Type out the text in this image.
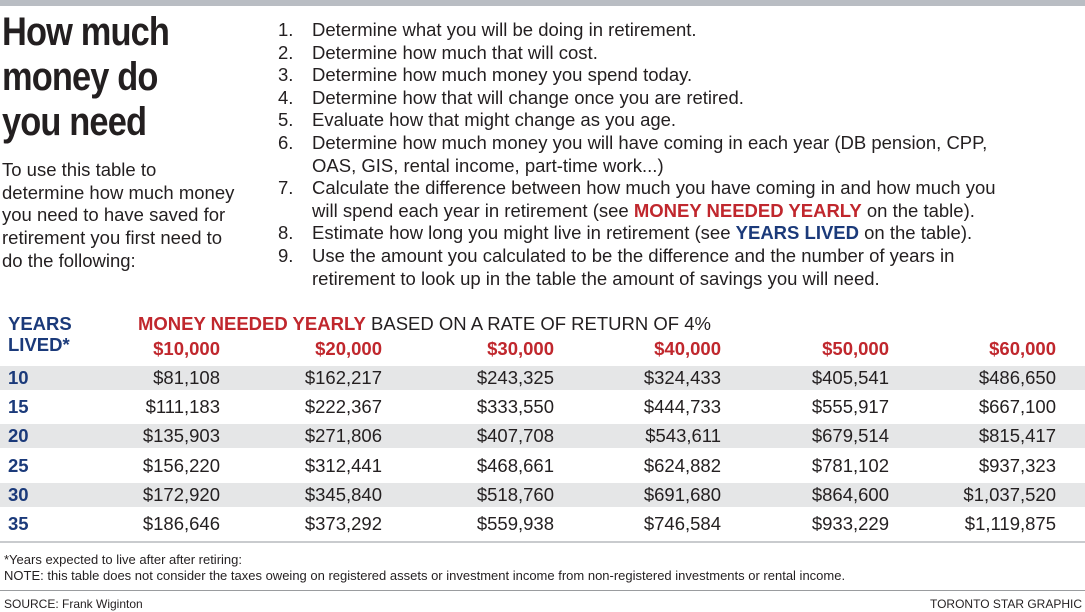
How much money do you need

To use this table to determine how much money you need to have saved for retirement you first need to do the following:

1. Determine what you will be doing in retirement.
2. Determine how much that will cost.
3. Determine how much money you spend today.
4. Determine how that will change once you are retired.
5. Evaluate how that might change as you age.
6. Determine how much money you will have coming in each year (DB pension, CPP,
OAS, GIS, rental income, part-time work...)
7. Calculate the difference between how much you have coming in and how much you
will spend each year in retirement (see MONEY NEEDED YEARLY on the table).
8. Estimate how long you might live in retirement (see YEARS LIVED on the table).
9. Use the amount you calculated to be the difference and the number of years in
retirement to look up in the table the amount of savings you will need.
YEARS
LIVED*
MONEY NEEDED YEARLY BASED ON A RATE OF RETURN OF 4%
$10,000	$20,000	$30,000	$40,000	$50,000	$60,000
10	$81,108	$162,217	$243,325	$324,433	$405,541	$486,650
15	$111,183	$222,367	$333,550	$444,733	$555,917	$667,100
20	$135,903	$271,806	$407,708	$543,611	$679,514	$815,417
25	$156,220	$312,441	$468,661	$624,882	$781,102	$937,323
30	$172,920	$345,840	$518,760	$691,680	$864,600	$1,037,520
35	$186,646	$373,292	$559,938	$746,584	$933,229	$1,119,875

*Years expected to live after after retiring:

NOTE: this table does not consider the taxes oweing on registered assets or investment income from non-registered investments or rental income.

SOURCE: Frank Wiginton	TORONTO STAR GRAPHIC
